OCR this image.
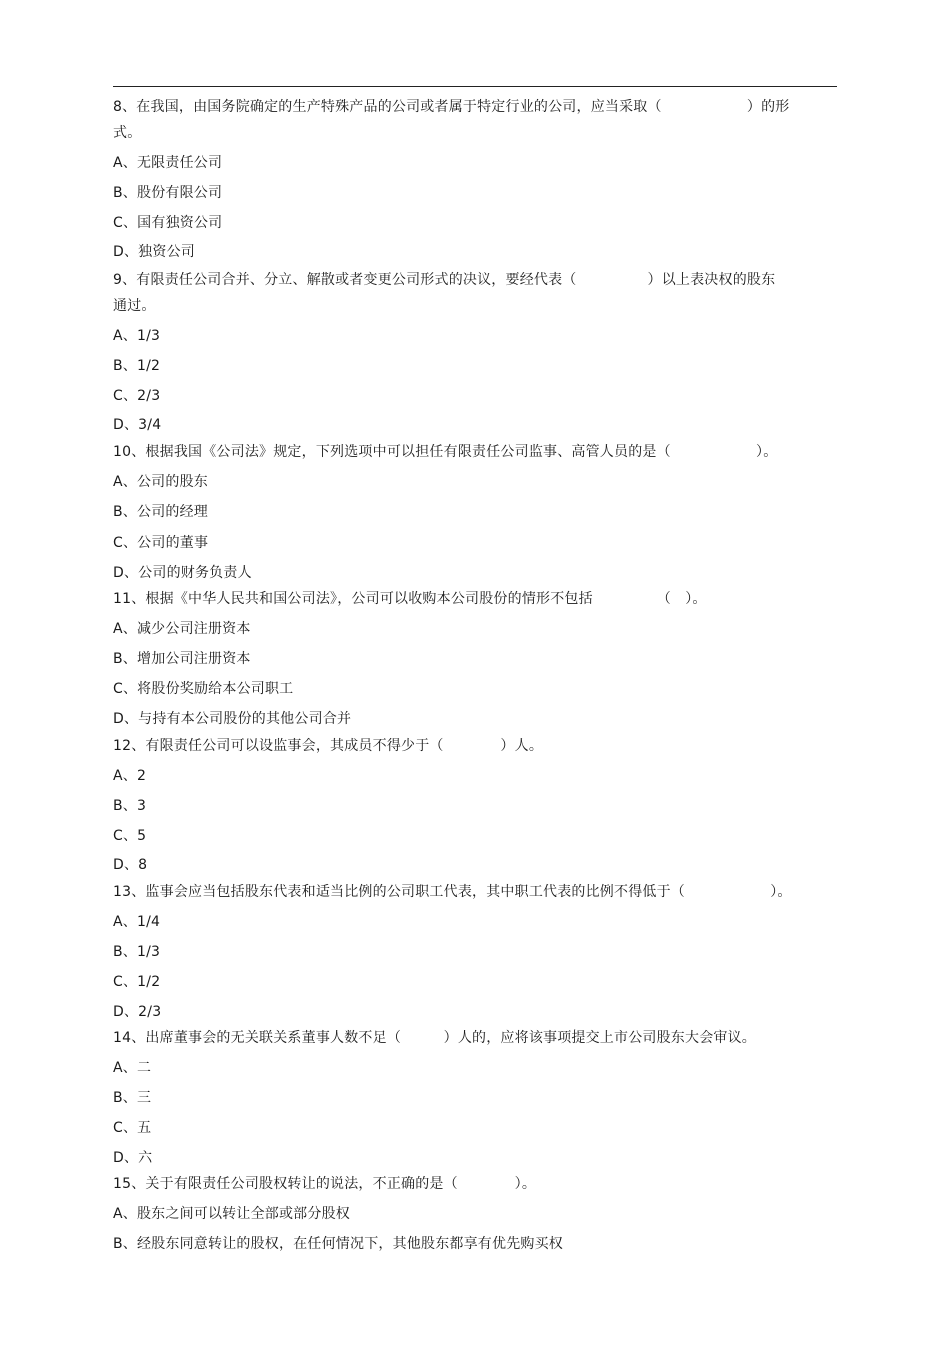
8、在我国，由国务院确定的生产特殊产品的公司或者属于特定行业的公司，应当采取（　　　　　　）的形
式。
A、无限责任公司
B、股份有限公司
C、国有独资公司
D、独资公司
9、有限责任公司合并、分立、解散或者变更公司形式的决议，要经代表（　　　　　）以上表决权的股东
通过。
A、1/3
B、1/2
C、2/3
D、3/4
10、根据我国《公司法》规定，下列选项中可以担任有限责任公司监事、高管人员的是（　　　　　　）。
A、公司的股东
B、公司的经理
C、公司的董事
D、公司的财务负责人
11、根据《中华人民共和国公司法》，公司可以收购本公司股份的情形不包括　　　　　（　）。
A、减少公司注册资本
B、增加公司注册资本
C、将股份奖励给本公司职工
D、与持有本公司股份的其他公司合并
12、有限责任公司可以设监事会，其成员不得少于（　　　　）人。
A、2
B、3
C、5
D、8
13、监事会应当包括股东代表和适当比例的公司职工代表，其中职工代表的比例不得低于（　　　　　　）。
A、1/4
B、1/3
C、1/2
D、2/3
14、出席董事会的无关联关系董事人数不足（　　　）人的，应将该事项提交上市公司股东大会审议。
A、二
B、三
C、五
D、六
15、关于有限责任公司股权转让的说法，不正确的是（　　　　）。
A、股东之间可以转让全部或部分股权
B、经股东同意转让的股权，在任何情况下，其他股东都享有优先购买权
